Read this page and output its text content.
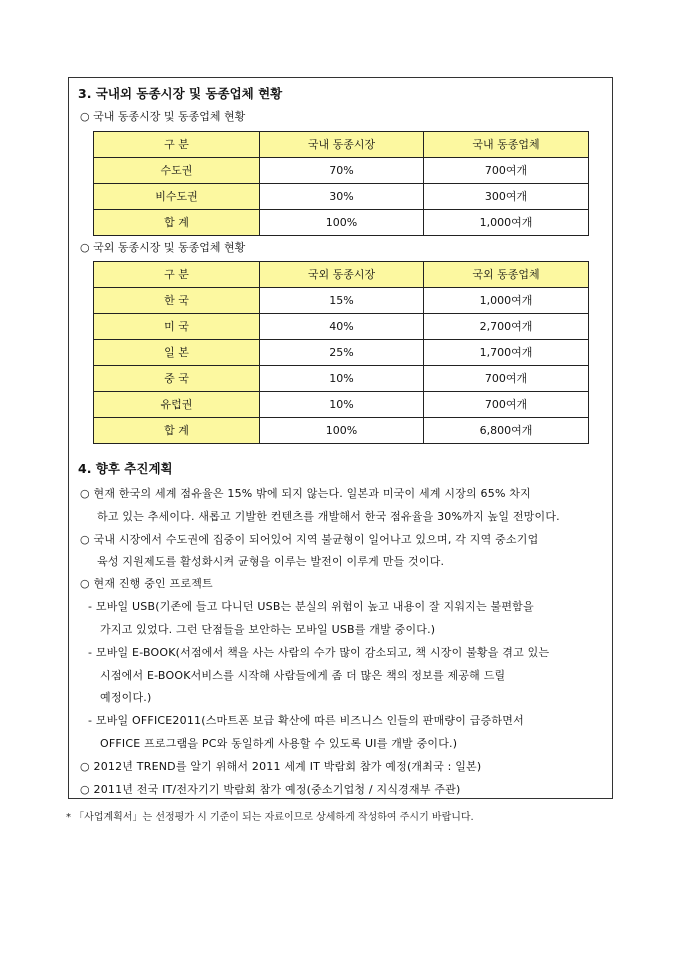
3. 국내외 동종시장 및 동종업체 현황
○ 국내 동종시장 및 동종업체 현황
구 분	국내 동종시장	국내 동종업체
수도권	70%	700여개
비수도권	30%	300여개
합 계	100%	1,000여개
○ 국외 동종시장 및 동종업체 현황
구 분	국외 동종시장	국외 동종업체
한 국	15%	1,000여개
미 국	40%	2,700여개
일 본	25%	1,700여개
중 국	10%	700여개
유럽권	10%	700여개
합 계	100%	6,800여개
4. 향후 추진계획
○ 현재 한국의 세계 점유율은 15% 밖에 되지 않는다. 일본과 미국이 세계 시장의 65% 차지
하고 있는 추세이다. 새롭고 기발한 컨텐츠를 개발해서 한국 점유율을 30%까지 높일 전망이다.
○ 국내 시장에서 수도권에 집중이 되어있어 지역 불균형이 일어나고 있으며, 각 지역 중소기업
육성 지원제도를 활성화시켜 균형을 이루는 발전이 이루게 만들 것이다.
○ 현재 진행 중인 프로젝트
- 모바일 USB(기존에 들고 다니던 USB는 분실의 위험이 높고 내용이 잘 지워지는 불편함을
가지고 있었다. 그런 단점들을 보안하는 모바일 USB를 개발 중이다.)
- 모바일 E-BOOK(서점에서 책을 사는 사람의 수가 많이 감소되고, 책 시장이 불황을 겪고 있는
시점에서 E-BOOK서비스를 시작해 사람들에게 좀 더 많은 책의 정보를 제공해 드릴
예정이다.)
- 모바일 OFFICE2011(스마트폰 보급 확산에 따른 비즈니스 인들의 판매량이 급증하면서
OFFICE 프로그램을 PC와 동일하게 사용할 수 있도록 UI를 개발 중이다.)
○ 2012년 TREND를 알기 위해서 2011 세계 IT 박람회 참가 예정(개최국 : 일본)
○ 2011년 전국 IT/전자기기 박람회 참가 예정(중소기업청 / 지식경재부 주관)
* 「사업계획서」는 선정평가 시 기준이 되는 자료이므로 상세하게 작성하여 주시기 바랍니다.
